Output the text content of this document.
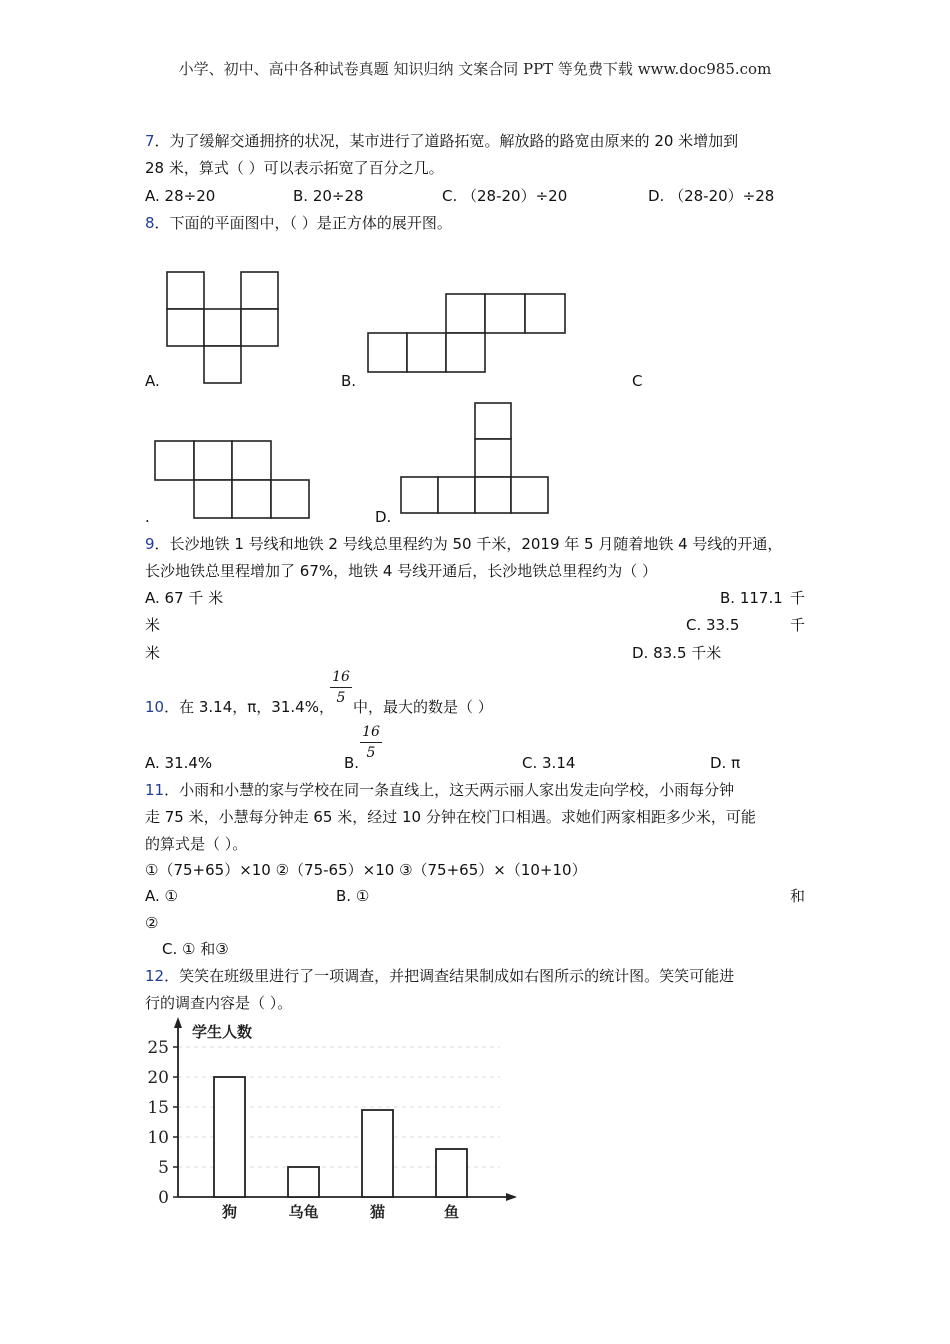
小学、初中、高中各种试卷真题 知识归纳 文案合同 PPT 等免费下载 www.doc985.com
7．为了缓解交通拥挤的状况，某市进行了道路拓宽。解放路的路宽由原来的 20 米增加到
28 米，算式（ ）可以表示拓宽了百分之几。
A. 28÷20	B. 20÷28	C. （28-20）÷20	D. （28-20）÷28
8．下面的平面图中，（ ）是正方体的展开图。
A.	B.	C
.	D.
9．长沙地铁 1 号线和地铁 2 号线总里程约为 50 千米，2019 年 5 月随着地铁 4 号线的开通，
长沙地铁总里程增加了 67%，地铁 4 号线开通后，长沙地铁总里程约为（ ）
A. 67 千 米	B. 117.1 千
米	C. 33.5	千
米	D. 83.5 千米
16
5
10．在 3.14，π，31.4%， 中，最大的数是（ ）
16
5
A. 31.4%	B.	C. 3.14	D. π
11．小雨和小慧的家与学校在同一条直线上，这天两示丽人家出发走向学校，小雨每分钟
走 75 米，小慧每分钟走 65 米，经过 10 分钟在校门口相遇。求她们两家相距多少米，可能
的算式是（ ）。
①（75+65）×10 ②（75-65）×10 ③（75+65）×（10+10）
A. ①	B. ①	和
②
C. ① 和③
12．笑笑在班级里进行了一项调查，并把调查结果制成如右图所示的统计图。笑笑可能进
行的调查内容是（ ）。
0
5
10
15
20
25
学生人数
狗	乌龟	猫	鱼
